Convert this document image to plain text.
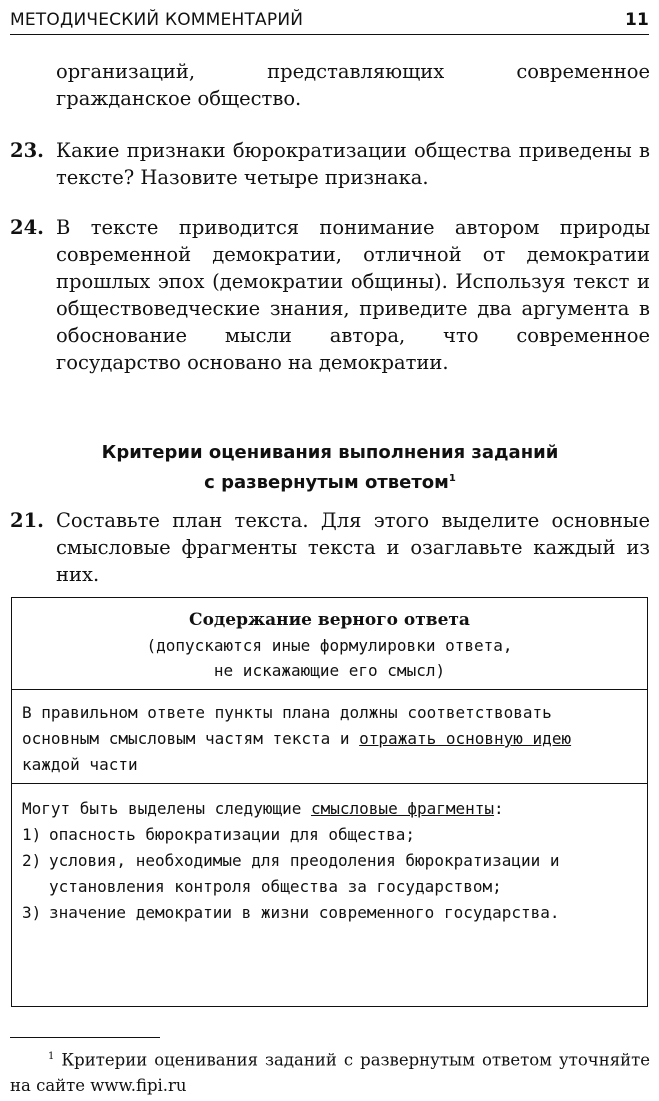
МЕТОДИЧЕСКИЙ КОММЕНТАРИЙ	11
организаций, представляющих современное гражданское общество.
23. Какие признаки бюрократизации общества приведены в тексте? Назовите четыре признака.
24. В тексте приводится понимание автором природы современной демократии, отличной от демократии прошлых эпох (демократии общины). Используя текст и обществоведческие знания, приведите два аргумента в обоснование мысли автора, что современное государство основано на демократии.
Критерии оценивания выполнения заданий
с развернутым ответом$^1$
21. Составьте план текста. Для этого выделите основные смысловые фрагменты текста и озаглавьте каждый из них.
Содержание верного ответа
(допускаются иные формулировки ответа,
не искажающие его смысл)

В правильном ответе пункты плана должны соответствовать основным смысловым частям текста и отражать основную идею каждой части

Могут быть выделены следующие смысловые фрагменты:

1) опасность бюрократизации для общества;
2) условия, необходимые для преодоления бюрократизации и установления контроля общества за государством;
3) значение демократии в жизни современного государства.
$^1$ Критерии оценивания заданий с развернутым ответом уточняйте на сайте www.fipi.ru
